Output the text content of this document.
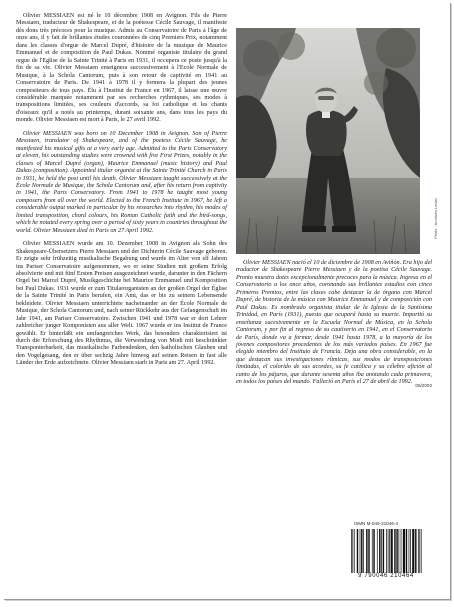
Olivier MESSIAEN est né le 10 décembre 1908 en Avignon. Fils de Pierre Messiaen, traducteur de Shakespeare, et de la poétesse Cécile Sauvage, il manifeste dès dons très précoces pour la musique. Admis au Conservatoire de Paris à l'âge de onze ans, il y fait de brillantes études couronnées de cinq Premiers Prix, notamment dans les classes d'orgue de Marcel Dupré, d'histoire de la musique de Maurice Emmanuel et de composition de Paul Dukas. Nommé organiste titulaire du grand orgue de l'Eglise de la Sainte Trinité à Paris en 1931, il occupera ce poste jusqu'à la fin de sa vie. Olivier Messiaen enseignera successivement à l'Ecole Normale de Musique, à la Schola Cantorum, puis à son retour de captivité en 1941 au Conservatoire de Paris. De 1941 à 1978 il y formera la plupart des jeunes compositeurs de tous pays. Élu à l'Institut de France en 1967, il laisse une œuvre considérable marquée notamment par ses recherches rythmiques, ses modes à transpositions limitées, ses couleurs d'accords, sa foi catholique et les chants d'oiseaux qu'il a notés au printemps, durant soixante ans, dans tous les pays du monde. Olivier Messiaen est mort à Paris, le 27 avril 1992.

Olivier MESSIAEN was born on 10 December 1908 in Avignon. Son of Pierre Messiaen, translator of Shakespeare, and of the poetess Cécile Sauvage, he manifested his musical gifts at a very early age. Admitted to the Paris Conservatory at eleven, his outstanding studies were crowned with five First Prizes, notably in the classes of Marcel Dupré (organ), Maurice Emmanuel (music history) and Paul Dukas (composition). Appointed titular organist at the Sainte Trinité Church in Paris in 1931, he held the post until his death. Olivier Messiaen taught successively at the École Normale de Musique, the Schola Cantorum and, after his return from captivity in 1941, the Paris Conservatory. From 1941 to 1978 he taught most young composers from all over the world. Elected to the French Institute in 1967, he left a considerable output marked in particular by his researches into rhythm, his modes of limited transposition, chord colours, his Roman Catholic faith and the bird-songs, which he notated every spring over a period of sixty years in countries throughout the world. Olivier Messiaen died in Paris on 27 April 1992.

Olivier MESSIAEN wurde am 10. Dezember 1908 in Avignon als Sohn des Shakespeare-Übersetzers Pierre Messiaen und der Dichterin Cécile Sauvage geboren. Er zeigte sehr frühzeitig musikalische Begabung und wurde im Alter von elf Jahren ins Pariser Conservatoire aufgenommen, wo er seine Studien mit großem Erfolg absolvierte und mit fünf Ersten Preisen ausgezeichnet wurde, darunter in den Fächern Orgel bei Marcel Dupré, Musikgeschichte bei Maurice Emmanuel und Komposition bei Paul Dukas. 1931 wurde er zum Titularorganisten an der großen Orgel der Église de la Sainte Trinité in Paris berufen, ein Amt, das er bis zu seinem Lebensende bekleidete. Olivier Messiaen unterrichtete nacheinander an der École Normale de Musique, der Schola Cantorum und, nach seiner Rückkehr aus der Gefangenschaft im Jahr 1941, am Pariser Conservatoire. Zwischen 1941 und 1978 war er dort Lehrer zahlreicher junger Komponisten aus aller Welt. 1967 wurde er ins Institut de France gewählt. Er hinterläßt ein umfangreiches Werk, das besonders charakterisiert ist durch die Erforschung des Rhythmus, die Verwendung von Modi mit beschränkter Transponierbarkeit, das musikalische Farbendenken, den katholischen Glauben und den Vogelgesang, den er über sechzig Jahre hinweg auf seinen Reisen in fast alle Länder der Erde aufzeichnete. Olivier Messiaen starb in Paris am 27. April 1992.

Photo : Archives Leduc

Olivier MESSIAEN nació el 10 de diciembre de 1908 en Aviñón. Era hijo del traductor de Shakespeare Pierre Messiaen y de la poetisa Cécile Sauvage. Pronto muestra dotes excepcionalmente precoces para la música. Ingresa en el Conservatorio a los once años, coronando sus brillantes estudios con cinco Primeros Premios, entre las clases cabe destacar la de órgano con Marcel Dupré, de historia de la música con Maurice Emmanuel y de composición con Paul Dukas. Es nombrado organista titular de la Iglesia de la Santísima Trinidad, en París (1931), puesto que ocupará hasta su muerte. Impartió su enseñanza sucesivamente en la Escuela Normal de Música, en la Schola Cantorum, y por fin al regreso de su cautiverio en 1941, en el Conservatorio de París, donde va a formar, desde 1941 hasta 1978, a la mayoría de los jóvenes compositores procedentes de los más variados países. En 1967 fue elegido miembro del Instituto de Francia. Deja una obra considerable, en la que destacan sus investigaciones rítmicas, sus modos de transposiciones limitadas, el colorido de sus acordes, su fe católica y su célebre afición al canto de los pájaros, que durante sesenta años iba anotando cada primavera, en todos los países del mundo. Falleció en París el 27 de abril de 1992.

05/2002
ISMN M-046-21046-4
9 790046 210464
